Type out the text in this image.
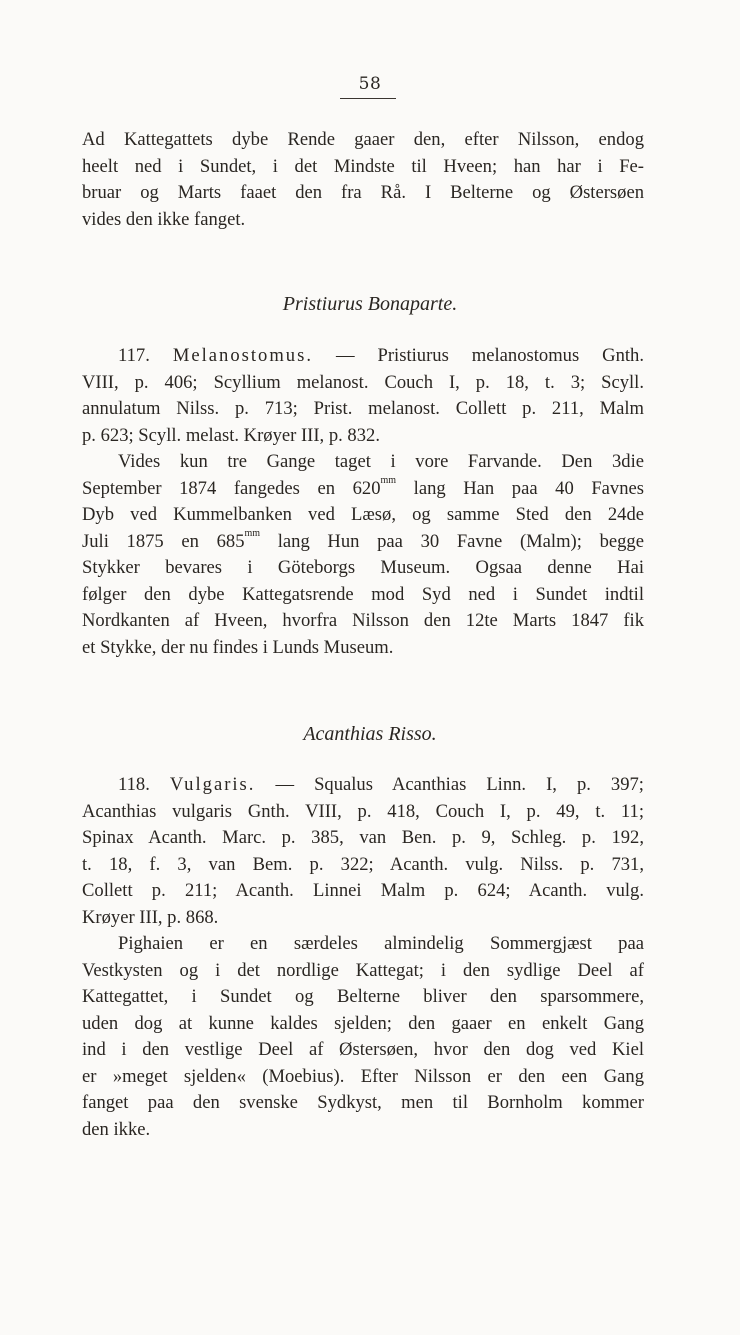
58
Ad Kattegattets dybe Rende gaaer den, efter Nilsson, endog
heelt ned i Sundet, i det Mindste til Hveen; han har i Fe-
bruar og Marts faaet den fra Rå. I Belterne og Østersøen
vides den ikke fanget.
Pristiurus Bonaparte.
117. Melanostomus. — Pristiurus melanostomus Gnth.
VIII, p. 406; Scyllium melanost. Couch I, p. 18, t. 3; Scyll.
annulatum Nilss. p. 713; Prist. melanost. Collett p. 211, Malm
p. 623; Scyll. melast. Krøyer III, p. 832.
Vides kun tre Gange taget i vore Farvande. Den 3die
September 1874 fangedes en $620^{mm}$ lang Han paa 40 Favnes
Dyb ved Kummelbanken ved Læsø, og samme Sted den 24de
Juli 1875 en $685^{mm}$ lang Hun paa 30 Favne (Malm); begge
Stykker bevares i Göteborgs Museum. Ogsaa denne Hai
følger den dybe Kattegatsrende mod Syd ned i Sundet indtil
Nordkanten af Hveen, hvorfra Nilsson den 12te Marts 1847 fik
et Stykke, der nu findes i Lunds Museum.
Acanthias Risso.
118. Vulgaris. — Squalus Acanthias Linn. I, p. 397;
Acanthias vulgaris Gnth. VIII, p. 418, Couch I, p. 49, t. 11;
Spinax Acanth. Marc. p. 385, van Ben. p. 9, Schleg. p. 192,
t. 18, f. 3, van Bem. p. 322; Acanth. vulg. Nilss. p. 731,
Collett p. 211; Acanth. Linnei Malm p. 624; Acanth. vulg.
Krøyer III, p. 868.
Pighaien er en særdeles almindelig Sommergjæst paa
Vestkysten og i det nordlige Kattegat; i den sydlige Deel af
Kattegattet, i Sundet og Belterne bliver den sparsommere,
uden dog at kunne kaldes sjelden; den gaaer en enkelt Gang
ind i den vestlige Deel af Østersøen, hvor den dog ved Kiel
er »meget sjelden« (Moebius). Efter Nilsson er den een Gang
fanget paa den svenske Sydkyst, men til Bornholm kommer
den ikke.
